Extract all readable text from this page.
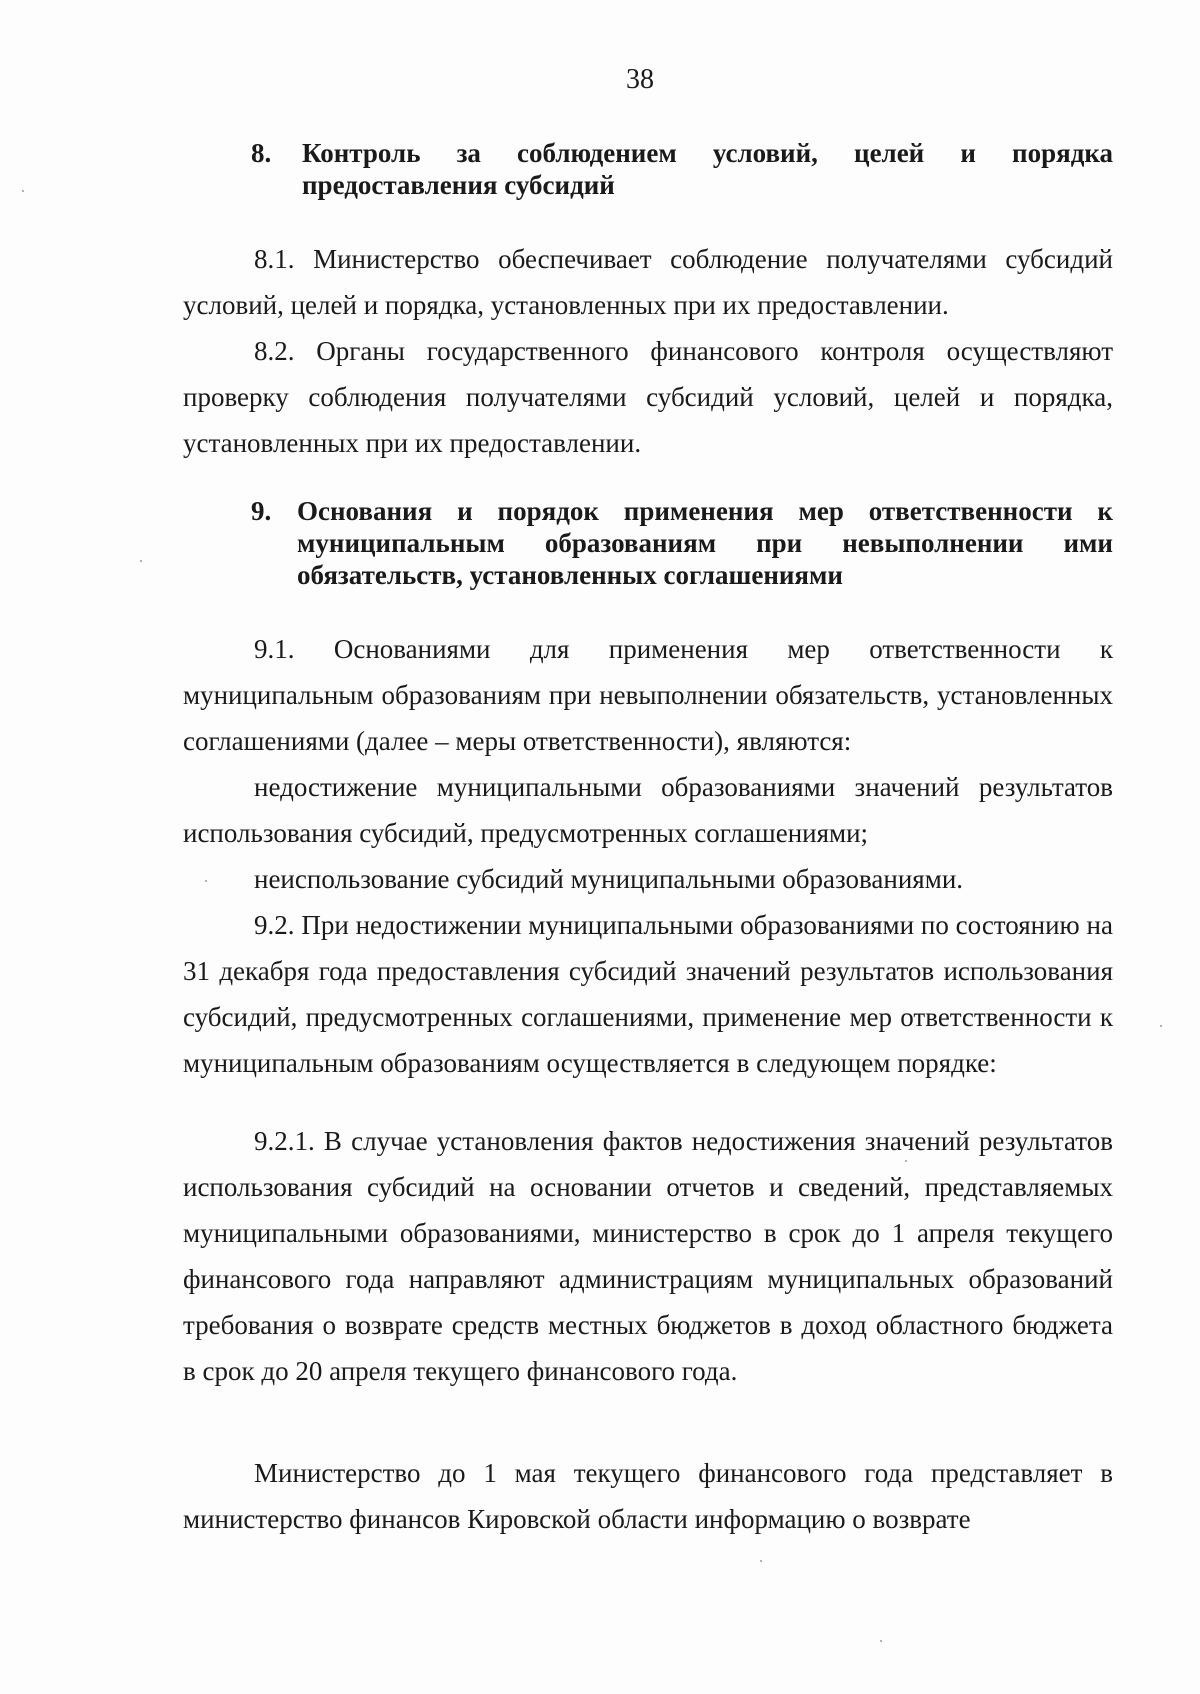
38
8.	Контроль за соблюдением условий, целей и порядка предоставления субсидий

8.1. Министерство обеспечивает соблюдение получателями субсидий условий, целей и порядка, установленных при их предоставлении.

8.2. Органы государственного финансового контроля осуществляют проверку соблюдения получателями субсидий условий, целей и порядка, установленных при их предоставлении.

9. Основания и порядок применения мер ответственности к муниципальным образованиям при невыполнении ими обязательств, установленных соглашениями

9.1. Основаниями для применения мер ответственности к муниципальным образованиям при невыполнении обязательств, установленных соглашениями (далее – меры ответственности), являются:

недостижение муниципальными образованиями значений результатов использования субсидий, предусмотренных соглашениями;

неиспользование субсидий муниципальными образованиями.

9.2. При недостижении муниципальными образованиями по состоянию на 31 декабря года предоставления субсидий значений результатов использования субсидий, предусмотренных соглашениями, применение мер ответственности к муниципальным образованиям осуществляется в следующем порядке:

9.2.1. В случае установления фактов недостижения значений результатов использования субсидий на основании отчетов и сведений, представляемых муниципальными образованиями, министерство в срок до 1 апреля текущего финансового года направляют администрациям муниципальных образований требования о возврате средств местных бюджетов в доход областного бюджета в срок до 20 апреля текущего финансового года.

Министерство до 1 мая текущего финансового года представляет в министерство финансов Кировской области информацию о возврате
